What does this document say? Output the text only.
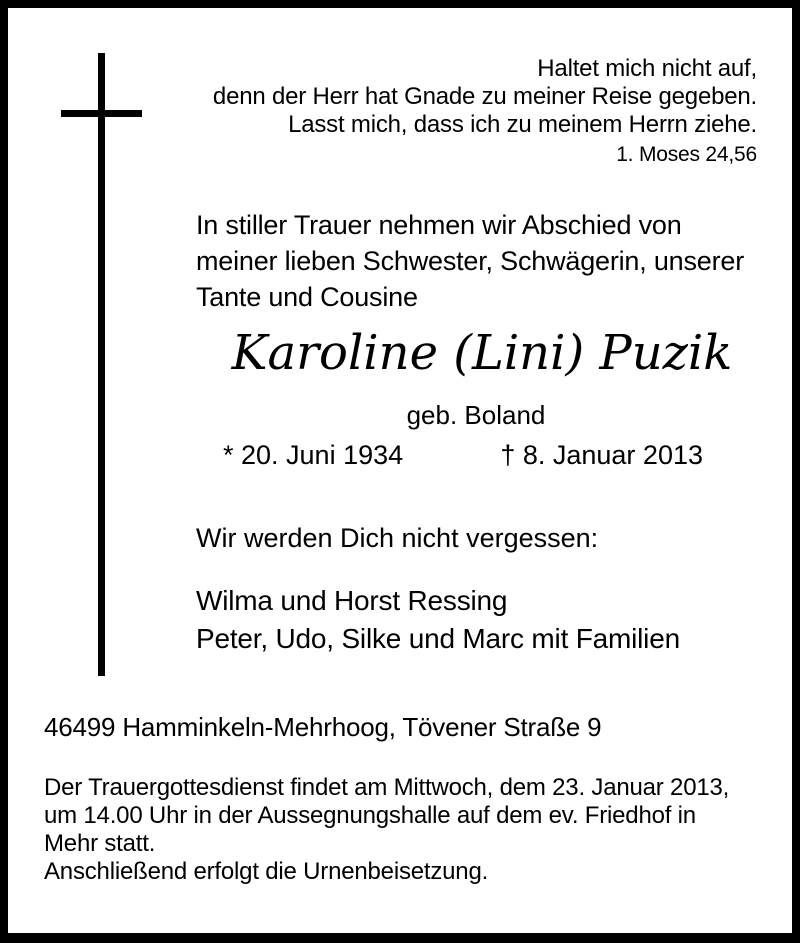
Haltet mich nicht auf,
denn der Herr hat Gnade zu meiner Reise gegeben.
Lasst mich, dass ich zu meinem Herrn ziehe.
1. Moses 24,56
In stiller Trauer nehmen wir Abschied von
meiner lieben Schwester, Schwägerin, unserer
Tante und Cousine
Karoline (Lini) Puzik
geb. Boland
* 20. Juni 1934	† 8. Januar 2013
Wir werden Dich nicht vergessen:
Wilma und Horst Ressing
Peter, Udo, Silke und Marc mit Familien
46499 Hamminkeln-Mehrhoog, Tövener Straße 9
Der Trauergottesdienst findet am Mittwoch, dem 23. Januar 2013,
um 14.00 Uhr in der Aussegnungshalle auf dem ev. Friedhof in
Mehr statt.
Anschließend erfolgt die Urnenbeisetzung.
